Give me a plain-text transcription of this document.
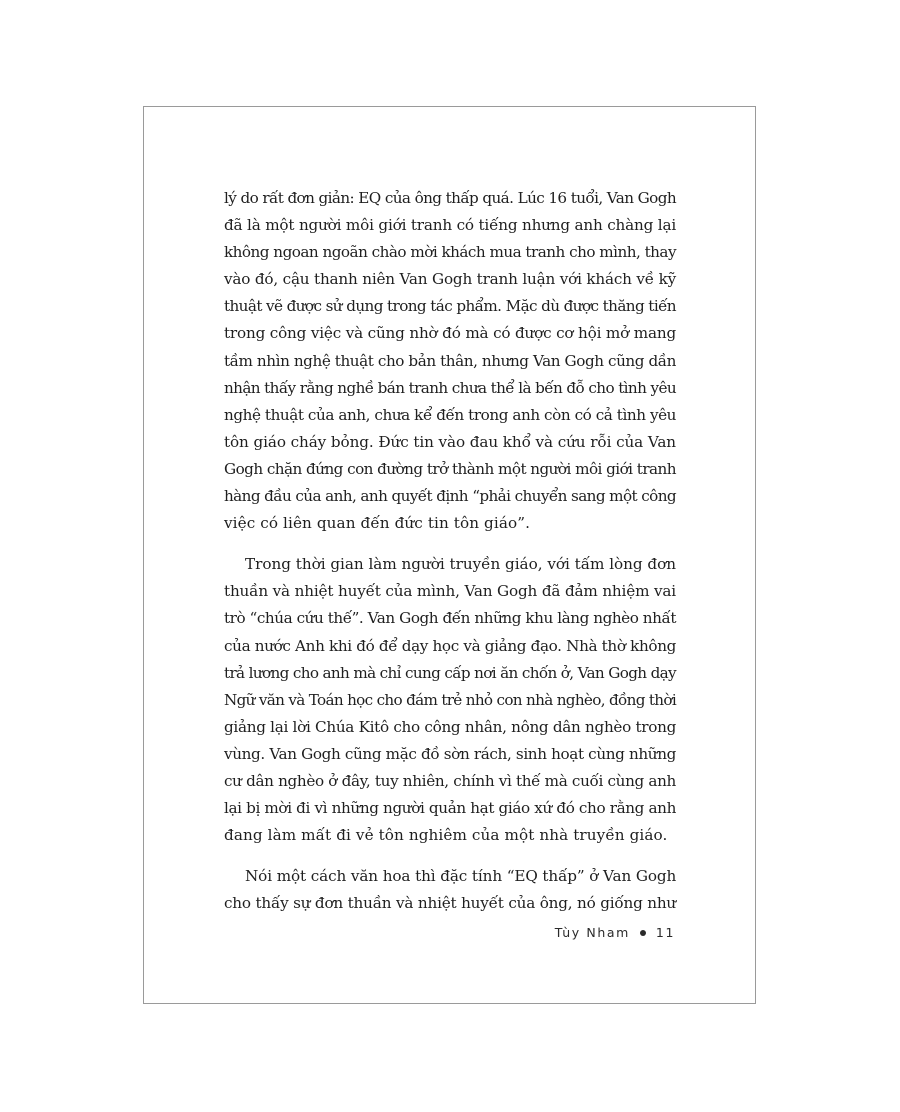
lý do rất đơn giản: EQ của ông thấp quá. Lúc 16 tuổi, Van Gogh
đã là một người môi giới tranh có tiếng nhưng anh chàng lại
không ngoan ngoãn chào mời khách mua tranh cho mình, thay
vào đó, cậu thanh niên Van Gogh tranh luận với khách về kỹ
thuật vẽ được sử dụng trong tác phẩm. Mặc dù được thăng tiến
trong công việc và cũng nhờ đó mà có được cơ hội mở mang
tầm nhìn nghệ thuật cho bản thân, nhưng Van Gogh cũng dần
nhận thấy rằng nghề bán tranh chưa thể là bến đỗ cho tình yêu
nghệ thuật của anh, chưa kể đến trong anh còn có cả tình yêu
tôn giáo cháy bỏng. Đức tin vào đau khổ và cứu rỗi của Van
Gogh chặn đứng con đường trở thành một người môi giới tranh
hàng đầu của anh, anh quyết định “phải chuyển sang một công
việc có liên quan đến đức tin tôn giáo”.

Trong thời gian làm người truyền giáo, với tấm lòng đơn
thuần và nhiệt huyết của mình, Van Gogh đã đảm nhiệm vai
trò “chúa cứu thế”. Van Gogh đến những khu làng nghèo nhất
của nước Anh khi đó để dạy học và giảng đạo. Nhà thờ không
trả lương cho anh mà chỉ cung cấp nơi ăn chốn ở, Van Gogh dạy
Ngữ văn và Toán học cho đám trẻ nhỏ con nhà nghèo, đồng thời
giảng lại lời Chúa Kitô cho công nhân, nông dân nghèo trong
vùng. Van Gogh cũng mặc đồ sờn rách, sinh hoạt cùng những
cư dân nghèo ở đây, tuy nhiên, chính vì thế mà cuối cùng anh
lại bị mời đi vì những người quản hạt giáo xứ đó cho rằng anh
đang làm mất đi vẻ tôn nghiêm của một nhà truyền giáo.

Nói một cách văn hoa thì đặc tính “EQ thấp” ở Van Gogh
cho thấy sự đơn thuần và nhiệt huyết của ông, nó giống như

Tùy Nham 11
